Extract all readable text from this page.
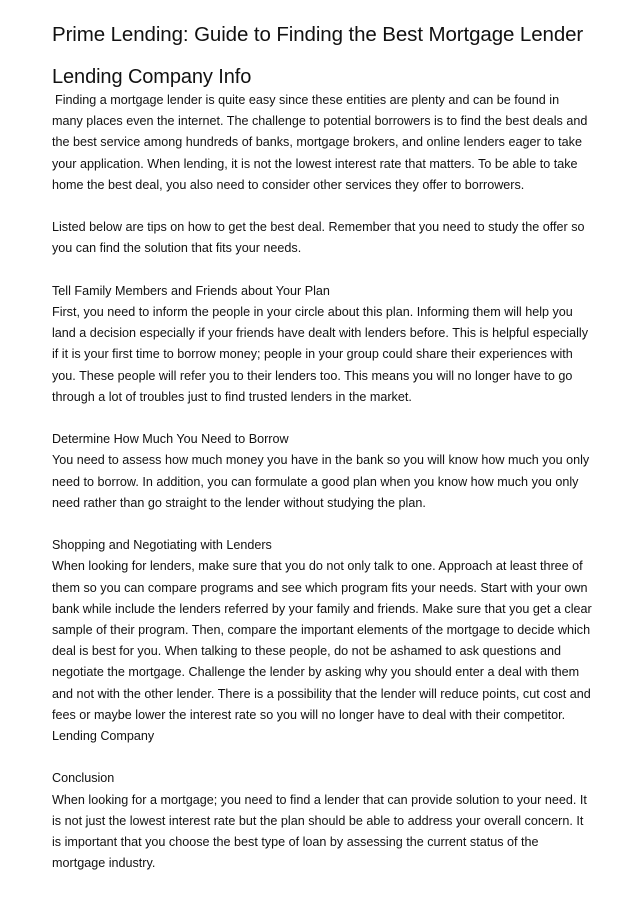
Prime Lending: Guide to Finding the Best Mortgage Lender
Lending Company Info

Finding a mortgage lender is quite easy since these entities are plenty and can be found in many places even the internet. The challenge to potential borrowers is to find the best deals and the best service among hundreds of banks, mortgage brokers, and online lenders eager to take your application. When lending, it is not the lowest interest rate that matters. To be able to take home the best deal, you also need to consider other services they offer to borrowers.

Listed below are tips on how to get the best deal. Remember that you need to study the offer so you can find the solution that fits your needs.

Tell Family Members and Friends about Your Plan

First, you need to inform the people in your circle about this plan. Informing them will help you land a decision especially if your friends have dealt with lenders before. This is helpful especially if it is your first time to borrow money; people in your group could share their experiences with you. These people will refer you to their lenders too. This means you will no longer have to go through a lot of troubles just to find trusted lenders in the market.

Determine How Much You Need to Borrow

You need to assess how much money you have in the bank so you will know how much you only need to borrow. In addition, you can formulate a good plan when you know how much you only need rather than go straight to the lender without studying the plan.

Shopping and Negotiating with Lenders

When looking for lenders, make sure that you do not only talk to one. Approach at least three of them so you can compare programs and see which program fits your needs. Start with your own bank while include the lenders referred by your family and friends. Make sure that you get a clear sample of their program. Then, compare the important elements of the mortgage to decide which deal is best for you. When talking to these people, do not be ashamed to ask questions and negotiate the mortgage. Challenge the lender by asking why you should enter a deal with them and not with the other lender. There is a possibility that the lender will reduce points, cut cost and fees or maybe lower the interest rate so you will no longer have to deal with their competitor.

Lending Company

Conclusion

When looking for a mortgage; you need to find a lender that can provide solution to your need. It is not just the lowest interest rate but the plan should be able to address your overall concern. It is important that you choose the best type of loan by assessing the current status of the mortgage industry.
